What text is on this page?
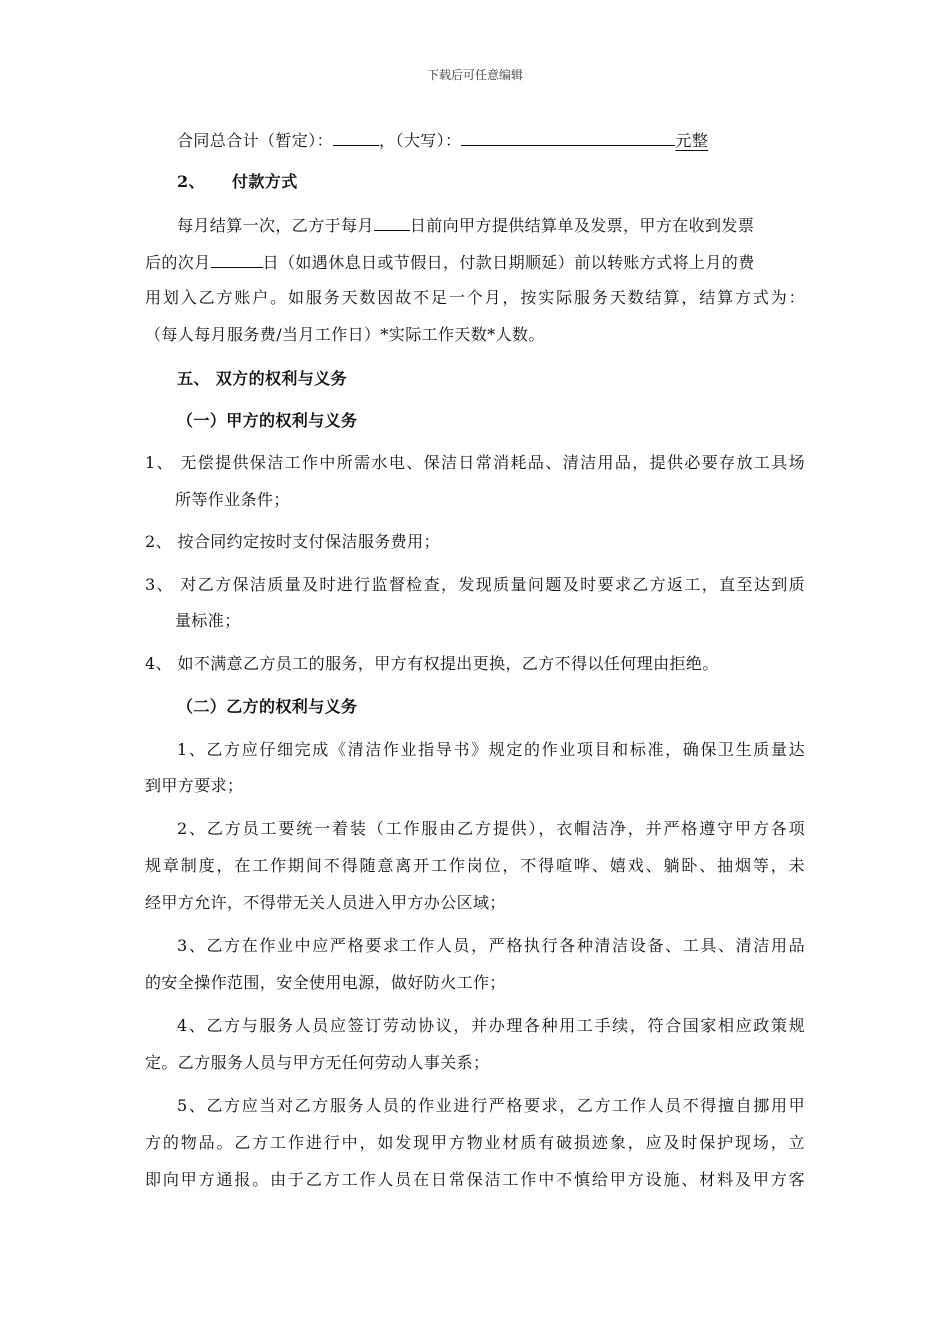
下载后可任意编辑
合同总合计（暂定）：	，（大写）：	元整
2、 付款方式
每月结算一次，乙方于每月 日前向甲方提供结算单及发票，甲方在收到发票
后的次月	日（如遇休息日或节假日，付款日期顺延）前以转账方式将上月的费
用划入乙方账户。如服务天数因故不足一个月，按实际服务天数结算，结算方式为：
（每人每月服务费/当月工作日）*实际工作天数*人数。
五、 双方的权利与义务
（一）甲方的权利与义务
1、 无偿提供保洁工作中所需水电、保洁日常消耗品、清洁用品，提供必要存放工具场
所等作业条件；
2、 按合同约定按时支付保洁服务费用；
3、 对乙方保洁质量及时进行监督检查，发现质量问题及时要求乙方返工，直至达到质
量标准；
4、 如不满意乙方员工的服务，甲方有权提出更换，乙方不得以任何理由拒绝。
（二）乙方的权利与义务
1、乙方应仔细完成《清洁作业指导书》规定的作业项目和标准，确保卫生质量达
到甲方要求；
2、乙方员工要统一着装（工作服由乙方提供），衣帽洁净，并严格遵守甲方各项
规章制度，在工作期间不得随意离开工作岗位，不得喧哗、嬉戏、躺卧、抽烟等，未
经甲方允许，不得带无关人员进入甲方办公区域；
3、乙方在作业中应严格要求工作人员，严格执行各种清洁设备、工具、清洁用品
的安全操作范围，安全使用电源，做好防火工作；
4、乙方与服务人员应签订劳动协议，并办理各种用工手续，符合国家相应政策规
定。乙方服务人员与甲方无任何劳动人事关系；
5、乙方应当对乙方服务人员的作业进行严格要求，乙方工作人员不得擅自挪用甲
方的物品。乙方工作进行中，如发现甲方物业材质有破损迹象，应及时保护现场，立
即向甲方通报。由于乙方工作人员在日常保洁工作中不慎给甲方设施、材料及甲方客
